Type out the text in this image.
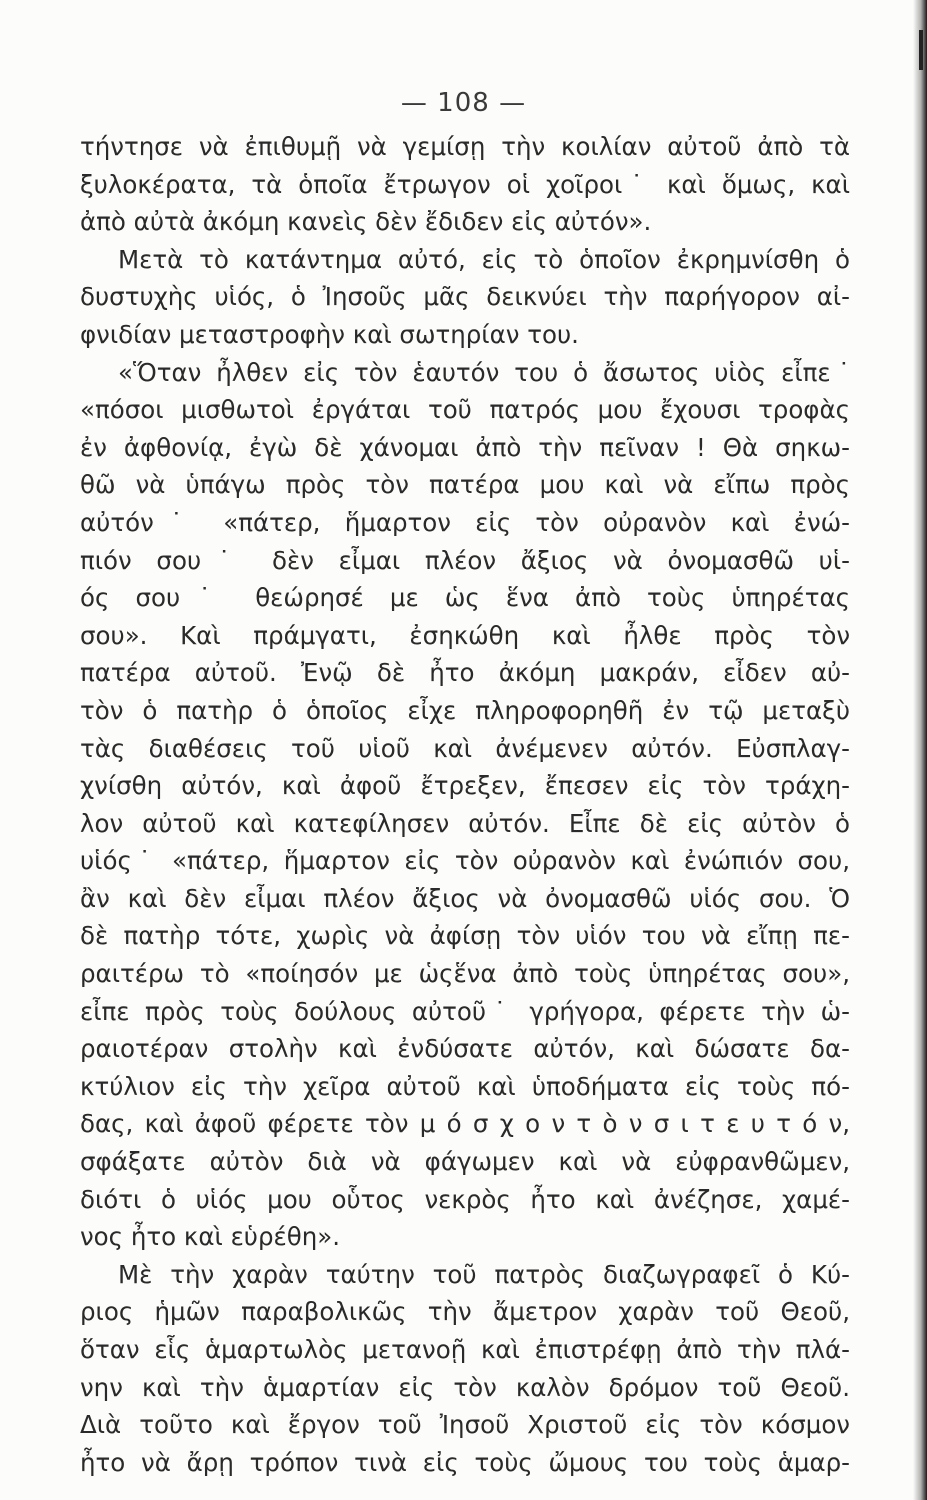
— 108 —
τήντησε νὰ ἐπιθυμῇ νὰ γεμίσῃ τὴν κοιλίαν αὐτοῦ ἀπὸ τὰ
ξυλοκέρατα, τὰ ὁποῖα ἔτρωγον οἱ χοῖροι˙ καὶ ὅμως, καὶ
ἀπὸ αὐτὰ ἀκόμη κανεὶς δὲν ἔδιδεν εἰς αὐτόν».
Μετὰ τὸ κατάντημα αὐτό, εἰς τὸ ὁποῖον ἐκρημνίσθη ὁ
δυστυχὴς υἱός, ὁ Ἰησοῦς μᾶς δεικνύει τὴν παρήγορον αἰ-
φνιδίαν μεταστροφὴν καὶ σωτηρίαν του.
«Ὅταν ἦλθεν εἰς τὸν ἑαυτόν του ὁ ἄσωτος υἱὸς εἶπε˙
«πόσοι μισθωτοὶ ἐργάται τοῦ πατρός μου ἔχουσι τροφὰς
ἐν ἀφθονίᾳ, ἐγὼ δὲ χάνομαι ἀπὸ τὴν πεῖναν ! Θὰ σηκω-
θῶ νὰ ὑπάγω πρὸς τὸν πατέρα μου καὶ νὰ εἴπω πρὸς
αὐτόν˙ «πάτερ, ἥμαρτον εἰς τὸν οὐρανὸν καὶ ἐνώ-
πιόν σου˙ δὲν εἶμαι πλέον ἄξιος νὰ ὀνομασθῶ υἱ-
ός σου˙ θεώρησέ με ὡς ἕνα ἀπὸ τοὺς ὑπηρέτας
σου». Καὶ πράμγατι, ἐσηκώθη καὶ ἦλθε πρὸς τὸν
πατέρα αὐτοῦ. Ἐνῷ δὲ ἦτο ἀκόμη μακράν, εἶδεν αὐ-
τὸν ὁ πατὴρ ὁ ὁποῖος εἶχε πληροφορηθῆ ἐν τῷ μεταξὺ
τὰς διαθέσεις τοῦ υἱοῦ καὶ ἀνέμενεν αὐτόν. Εὐσπλαγ-
χνίσθη αὐτόν, καὶ ἀφοῦ ἔτρεξεν, ἔπεσεν εἰς τὸν τράχη-
λον αὐτοῦ καὶ κατεφίλησεν αὐτόν. Εἶπε δὲ εἰς αὐτὸν ὁ
υἱός˙ «πάτερ, ἥμαρτον εἰς τὸν οὐρανὸν καὶ ἐνώπιόν σου,
ἂν καὶ δὲν εἶμαι πλέον ἄξιος νὰ ὀνομασθῶ υἱός σου. Ὁ
δὲ πατὴρ τότε, χωρὶς νὰ ἀφίσῃ τὸν υἱόν του νὰ εἴπῃ πε-
ραιτέρω τὸ «ποίησόν με ὡςἕνα ἀπὸ τοὺς ὑπηρέτας σου»,
εἶπε πρὸς τοὺς δούλους αὐτοῦ˙ γρήγορα, φέρετε τὴν ὡ-
ραιοτέραν στολὴν καὶ ἐνδύσατε αὐτόν, καὶ δώσατε δα-
κτύλιον εἰς τὴν χεῖρα αὐτοῦ καὶ ὑποδήματα εἰς τοὺς πό-
δας, καὶ ἀφοῦ φέρετε τὸν μ ό σ χ ο ν τ ὸ ν σ ι τ ε υ τ ό ν,
σφάξατε αὐτὸν διὰ νὰ φάγωμεν καὶ νὰ εὐφρανθῶμεν,
διότι ὁ υἱός μου οὗτος νεκρὸς ἦτο καὶ ἀνέζησε, χαμέ-
νος ἦτο καὶ εὑρέθη».
Μὲ τὴν χαρὰν ταύτην τοῦ πατρὸς διαζωγραφεῖ ὁ Κύ-
ριος ἡμῶν παραβολικῶς τὴν ἄμετρον χαρὰν τοῦ Θεοῦ,
ὅταν εἷς ἁμαρτωλὸς μετανοῇ καὶ ἐπιστρέφῃ ἀπὸ τὴν πλά-
νην καὶ τὴν ἁμαρτίαν εἰς τὸν καλὸν δρόμον τοῦ Θεοῦ.
Διὰ τοῦτο καὶ ἔργον τοῦ Ἰησοῦ Χριστοῦ εἰς τὸν κόσμον
ἦτο νὰ ἄρῃ τρόπον τινὰ εἰς τοὺς ὤμους του τοὺς ἁμαρ-
